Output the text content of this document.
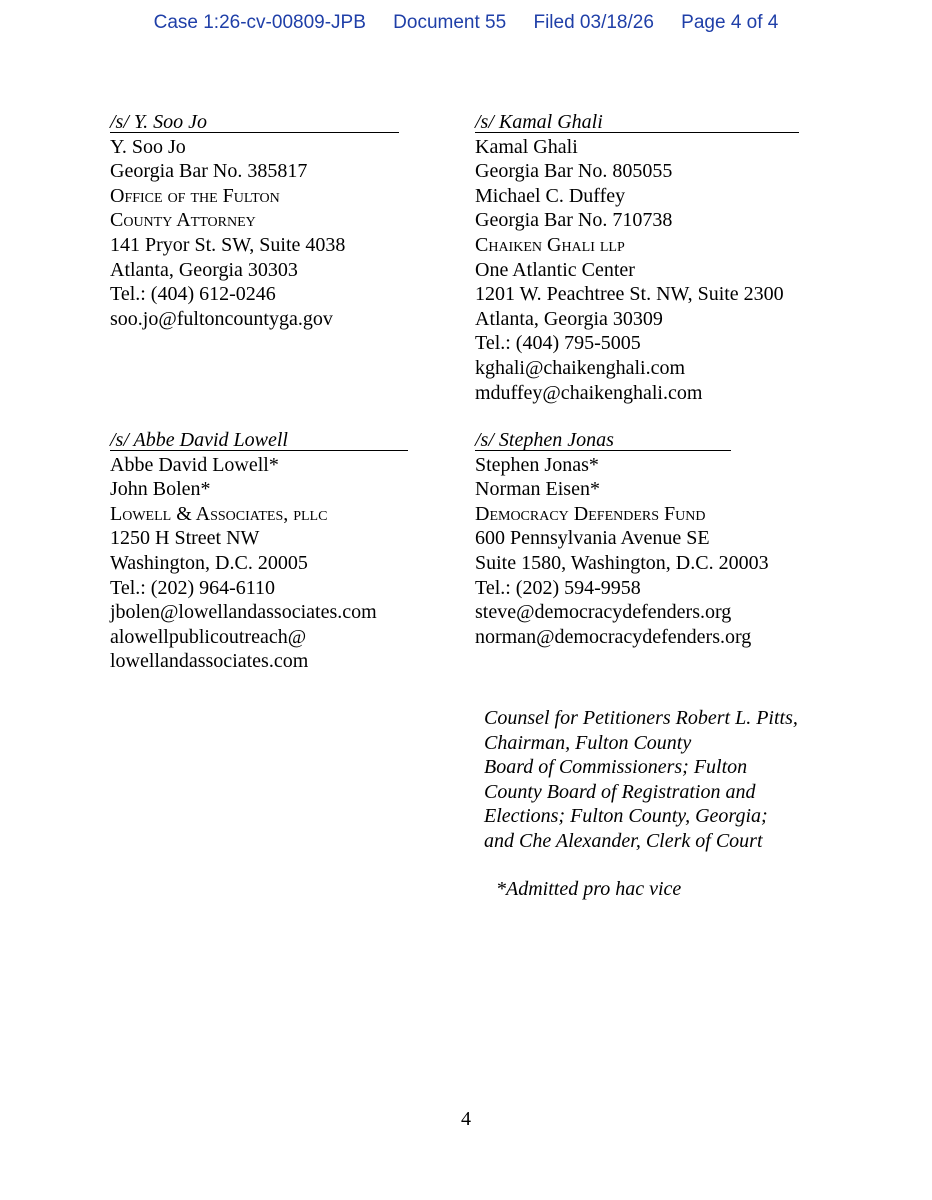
Case 1:26-cv-00809-JPB Document 55 Filed 03/18/26 Page 4 of 4
/s/ Y. Soo Jo
Y. Soo Jo
Georgia Bar No. 385817
Office of the Fulton
County Attorney
141 Pryor St. SW, Suite 4038
Atlanta, Georgia 30303
Tel.: (404) 612-0246
soo.jo@fultoncountyga.gov
/s/ Kamal Ghali
Kamal Ghali
Georgia Bar No. 805055
Michael C. Duffey
Georgia Bar No. 710738
Chaiken Ghali llp
One Atlantic Center
1201 W. Peachtree St. NW, Suite 2300
Atlanta, Georgia 30309
Tel.: (404) 795-5005
kghali@chaikenghali.com
mduffey@chaikenghali.com
/s/ Abbe David Lowell
Abbe David Lowell*
John Bolen*
Lowell & Associates, pllc
1250 H Street NW
Washington, D.C. 20005
Tel.: (202) 964-6110
jbolen@lowellandassociates.com
alowellpublicoutreach@
lowellandassociates.com
/s/ Stephen Jonas
Stephen Jonas*
Norman Eisen*
Democracy Defenders Fund
600 Pennsylvania Avenue SE
Suite 1580, Washington, D.C. 20003
Tel.: (202) 594-9958
steve@democracydefenders.org
norman@democracydefenders.org
Counsel for Petitioners Robert L. Pitts,
Chairman, Fulton County
Board of Commissioners; Fulton
County Board of Registration and
Elections; Fulton County, Georgia;
and Che Alexander, Clerk of Court
*Admitted pro hac vice
4
